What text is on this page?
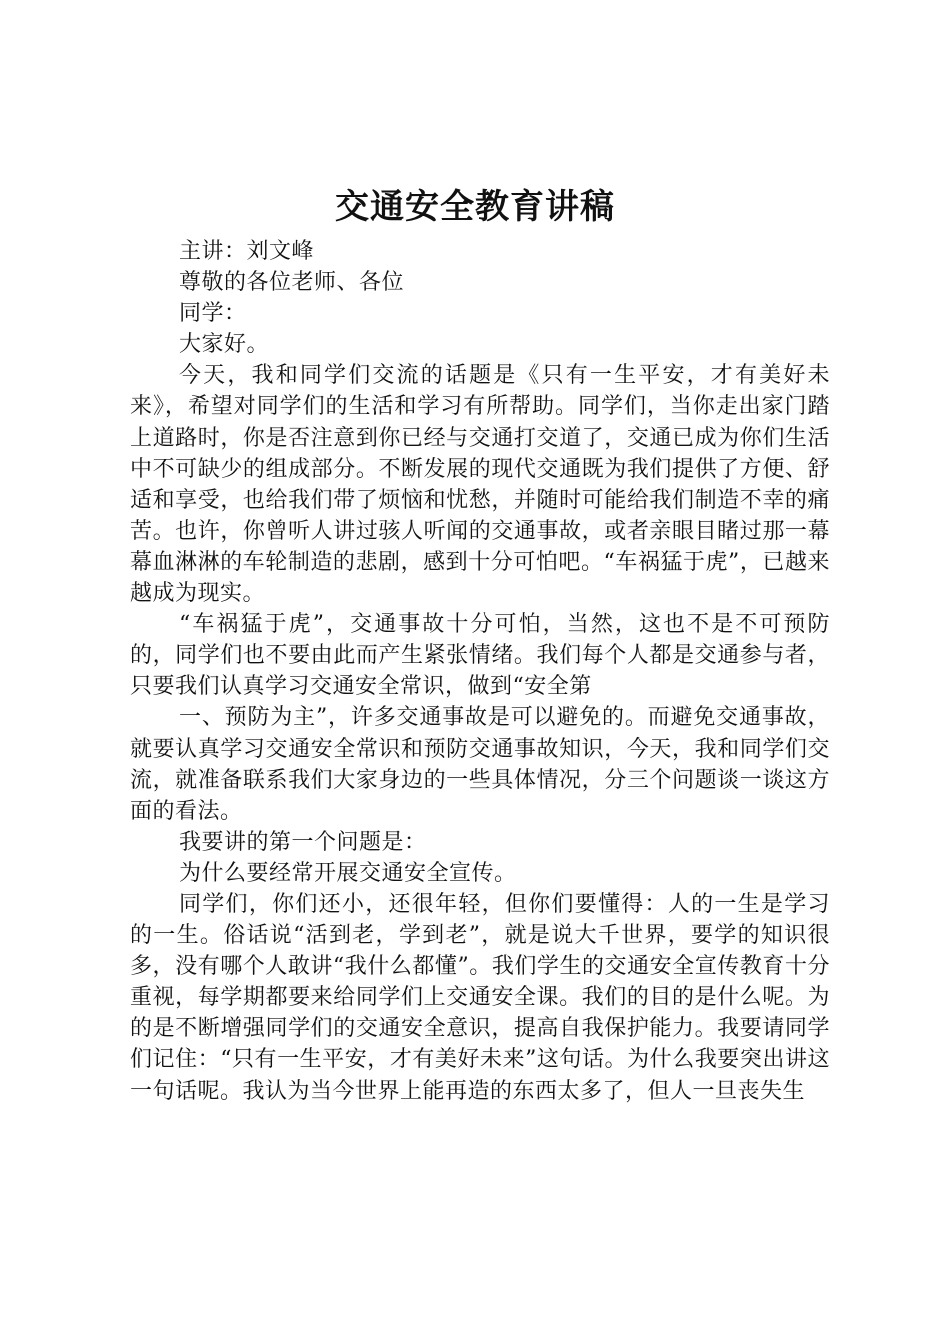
交通安全教育讲稿

主讲：刘文峰

尊敬的各位老师、各位

同学：

大家好。

今天，我和同学们交流的话题是《只有一生平安，才有美好未来》，希望对同学们的生活和学习有所帮助。同学们，当你走出家门踏上道路时，你是否注意到你已经与交通打交道了，交通已成为你们生活中不可缺少的组成部分。不断发展的现代交通既为我们提供了方便、舒适和享受，也给我们带了烦恼和忧愁，并随时可能给我们制造不幸的痛苦。也许，你曾听人讲过骇人听闻的交通事故，或者亲眼目睹过那一幕幕血淋淋的车轮制造的悲剧，感到十分可怕吧。“车祸猛于虎”，已越来越成为现实。

“车祸猛于虎”，交通事故十分可怕，当然，这也不是不可预防的，同学们也不要由此而产生紧张情绪。我们每个人都是交通参与者，只要我们认真学习交通安全常识，做到“安全第

一、预防为主”，许多交通事故是可以避免的。而避免交通事故，就要认真学习交通安全常识和预防交通事故知识，今天，我和同学们交流，就准备联系我们大家身边的一些具体情况，分三个问题谈一谈这方面的看法。

我要讲的第一个问题是：

为什么要经常开展交通安全宣传。

同学们，你们还小，还很年轻，但你们要懂得：人的一生是学习的一生。俗话说“活到老，学到老”，就是说大千世界，要学的知识很多，没有哪个人敢讲“我什么都懂”。我们学生的交通安全宣传教育十分重视，每学期都要来给同学们上交通安全课。我们的目的是什么呢。为的是不断增强同学们的交通安全意识，提高自我保护能力。我要请同学们记住：“只有一生平安，才有美好未来”这句话。为什么我要突出讲这一句话呢。我认为当今世界上能再造的东西太多了，但人一旦丧失生
